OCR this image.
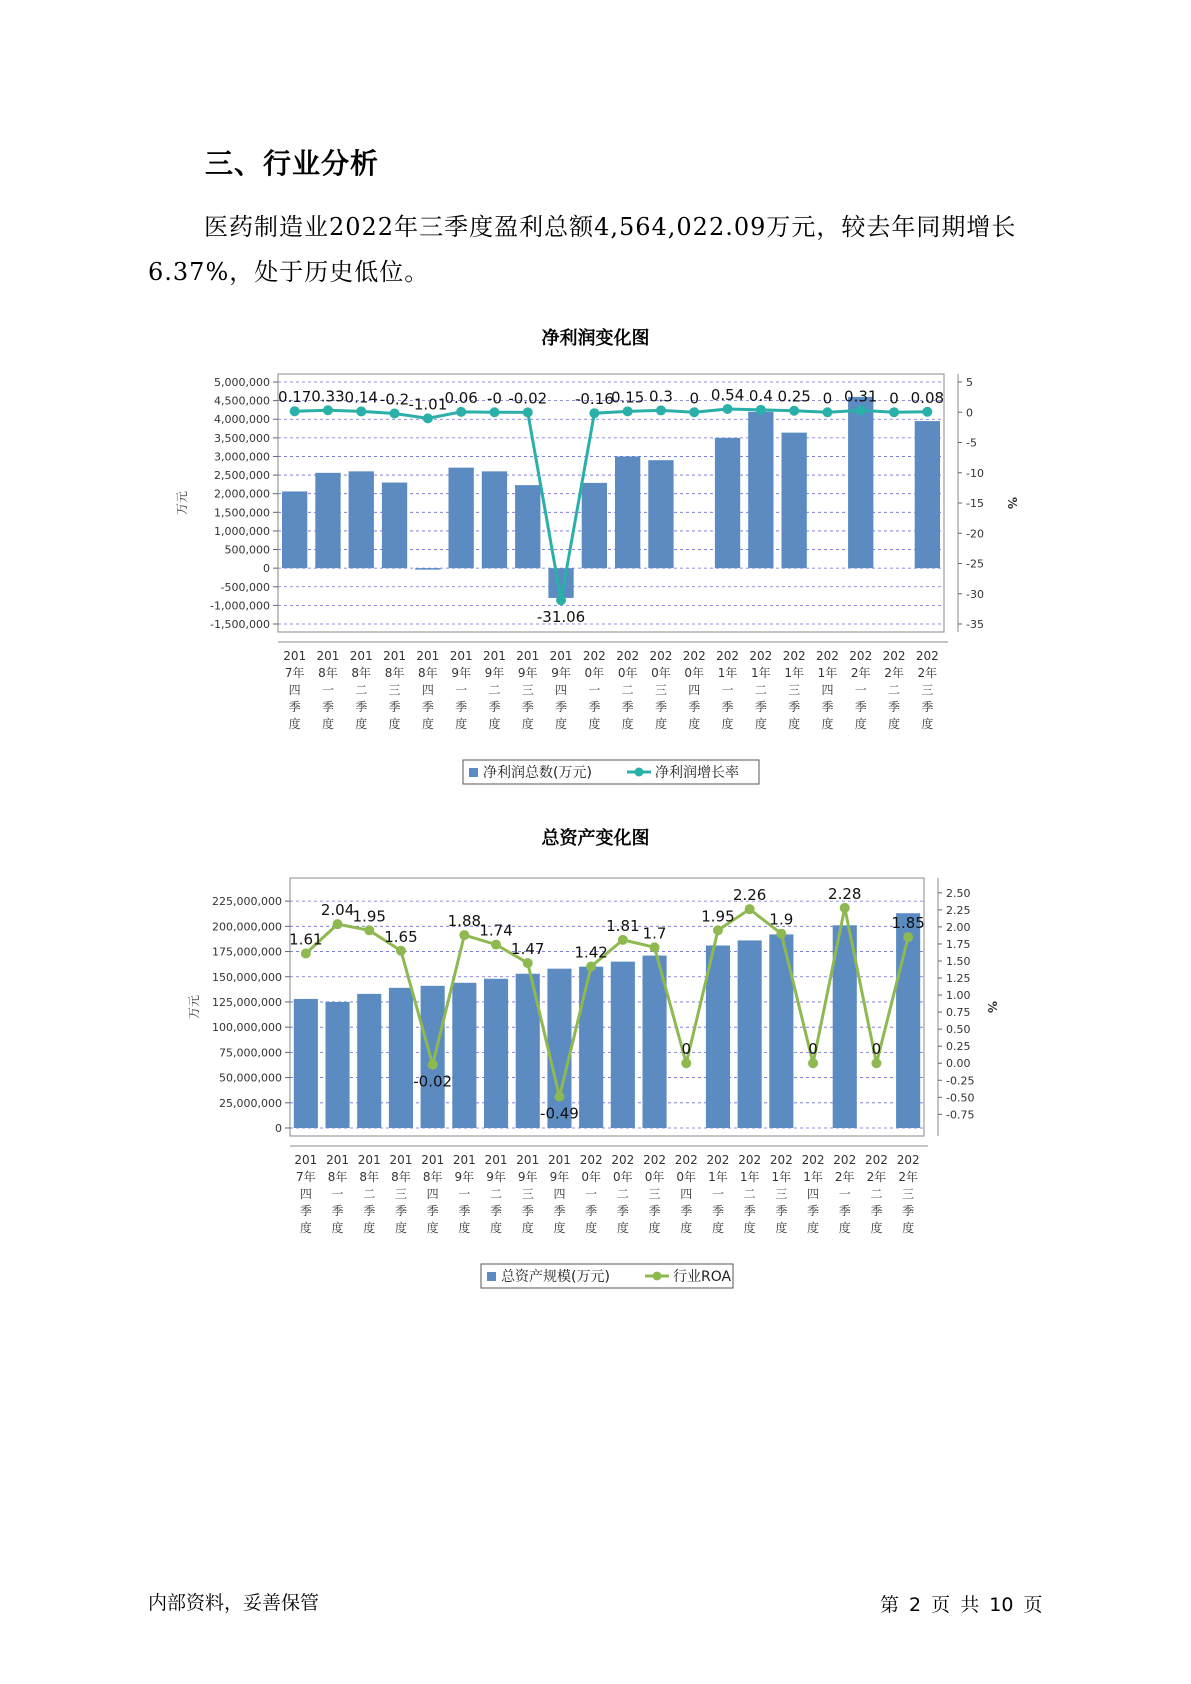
三、行业分析
医药制造业2022年三季度盈利总额4,564,022.09万元，较去年同期增长6.37%，处于历史低位。
净利润变化图
5,000,000
4,500,000
4,000,000
3,500,000
3,000,000
2,500,000
2,000,000
1,500,000
1,000,000
500,000
0
-500,000
-1,000,000
-1,500,000
5
0
-5
-10
-15
-20
-25
-30
-35
万元	%
0.17 0.33 0.14 -0.2 -1.01
0.06 -0 -0.02
-31.06
-0.16
0.15 0.3 0 0.54 0.4 0.25 0 0.31 0 0.08
201 7年四季度
201 8年一季度
201 8年二季度
201 8年三季度
201 8年四季度
201 9年一季度
201 9年二季度
201 9年三季度
201 9年四季度
202 0年一季度
202 0年二季度
202 0年三季度
202 0年四季度
202 1年一季度
202 1年二季度
202 1年三季度
202 1年四季度
202 2年一季度
202 2年二季度
202 2年三季度
净利润总数(万元)	净利润增长率
总资产变化图
225,000,000
200,000,000
175,000,000
150,000,000
125,000,000
100,000,000
75,000,000
50,000,000
25,000,000
0
2.50
2.25
2.00
1.75
1.50
1.25
1.00
0.75
0.50
0.25
0.00
-0.25
-0.50
-0.75
万元	%
1.61
2.04
1.95
1.65
-0.02
1.88
1.74
1.47
-0.49
1.42
1.81 1.7
0
1.95
2.26
1.9
0
2.28
0
1.85
201 7年四季度
201 8年一季度
201 8年二季度
201 8年三季度
201 8年四季度
201 9年一季度
201 9年二季度
201 9年三季度
201 9年四季度
202 0年一季度
202 0年二季度
202 0年三季度
202 0年四季度
202 1年一季度
202 1年二季度
202 1年三季度
202 1年四季度
202 2年一季度
202 2年二季度
202 2年三季度
总资产规模(万元)	行业ROA
内部资料，妥善保管	第 2 页 共 10 页
